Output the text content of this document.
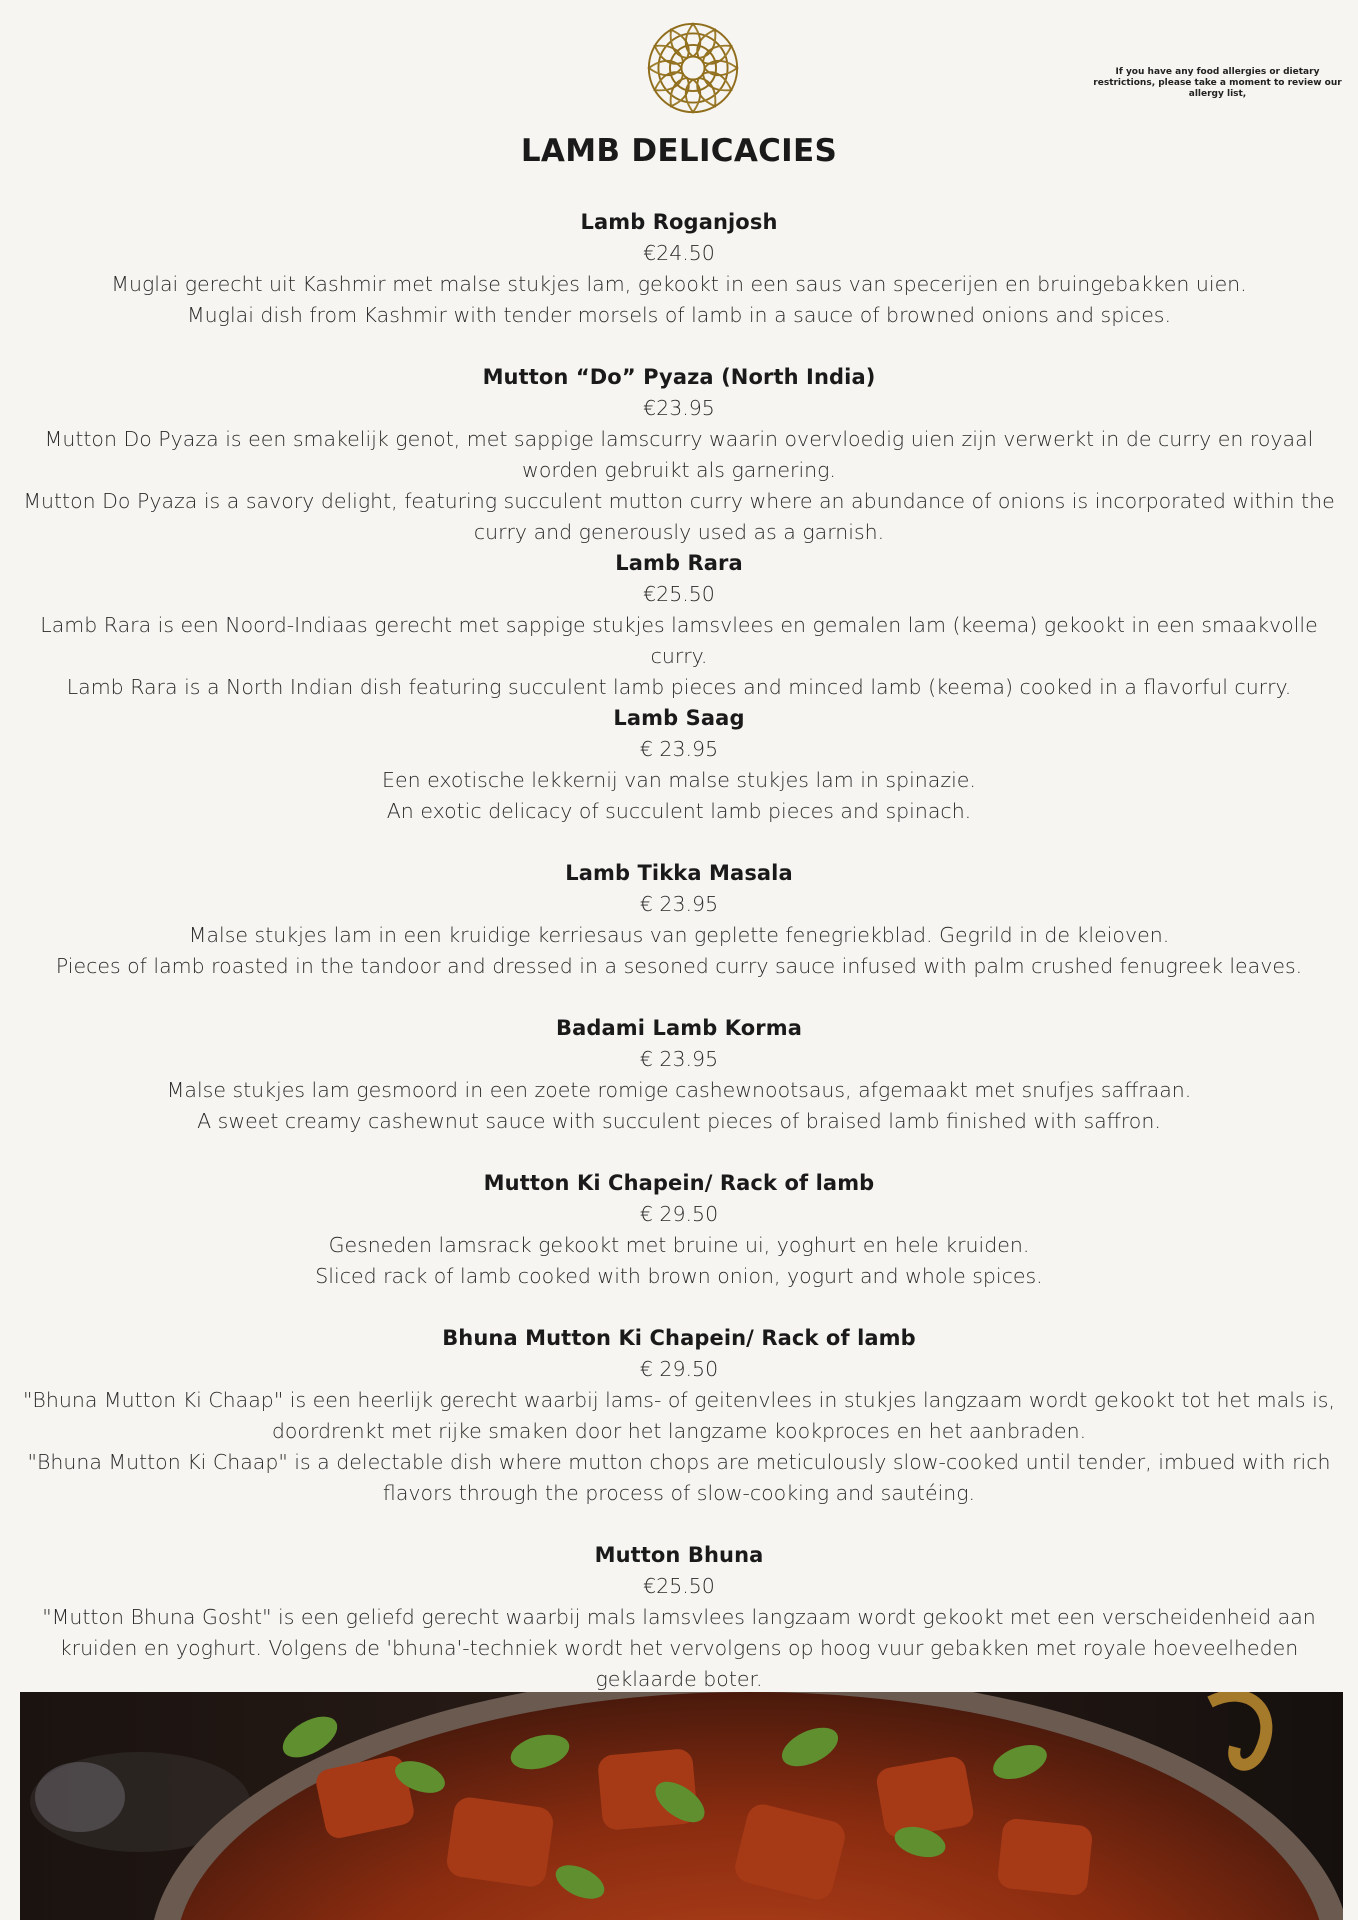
If you have any food allergies or dietary restrictions, please take a moment to review our allergy list,
LAMB DELICACIES
Lamb Roganjosh
€24.50
Muglai gerecht uit Kashmir met malse stukjes lam, gekookt in een saus van specerijen en bruingebakken uien.
Muglai dish from Kashmir with tender morsels of lamb in a sauce of browned onions and spices.
Mutton “Do” Pyaza (North India)
€23.95
Mutton Do Pyaza is een smakelijk genot, met sappige lamscurry waarin overvloedig uien zijn verwerkt in de curry en royaal worden gebruikt als garnering.
Mutton Do Pyaza is a savory delight, featuring succulent mutton curry where an abundance of onions is incorporated within the curry and generously used as a garnish.
Lamb Rara
€25.50
Lamb Rara is een Noord-Indiaas gerecht met sappige stukjes lamsvlees en gemalen lam (keema) gekookt in een smaakvolle curry.
Lamb Rara is a North Indian dish featuring succulent lamb pieces and minced lamb (keema) cooked in a flavorful curry.
Lamb Saag
€ 23.95
Een exotische lekkernij van malse stukjes lam in spinazie.
An exotic delicacy of succulent lamb pieces and spinach.
Lamb Tikka Masala
€ 23.95
Malse stukjes lam in een kruidige kerriesaus van geplette fenegriekblad. Gegrild in de kleioven.
Pieces of lamb roasted in the tandoor and dressed in a sesoned curry sauce infused with palm crushed fenugreek leaves.
Badami Lamb Korma
€ 23.95
Malse stukjes lam gesmoord in een zoete romige cashewnootsaus, afgemaakt met snufjes saffraan.
A sweet creamy cashewnut sauce with succulent pieces of braised lamb finished with saffron.
Mutton Ki Chapein/ Rack of lamb
€ 29.50
Gesneden lamsrack gekookt met bruine ui, yoghurt en hele kruiden.
Sliced rack of lamb cooked with brown onion, yogurt and whole spices.
Bhuna Mutton Ki Chapein/ Rack of lamb
€ 29.50
"Bhuna Mutton Ki Chaap" is een heerlijk gerecht waarbij lams- of geitenvlees in stukjes langzaam wordt gekookt tot het mals is, doordrenkt met rijke smaken door het langzame kookproces en het aanbraden.
"Bhuna Mutton Ki Chaap" is a delectable dish where mutton chops are meticulously slow-cooked until tender, imbued with rich flavors through the process of slow-cooking and sautéing.
Mutton Bhuna
€25.50
"Mutton Bhuna Gosht" is een geliefd gerecht waarbij mals lamsvlees langzaam wordt gekookt met een verscheidenheid aan kruiden en yoghurt. Volgens de 'bhuna'-techniek wordt het vervolgens op hoog vuur gebakken met royale hoeveelheden geklaarde boter.
